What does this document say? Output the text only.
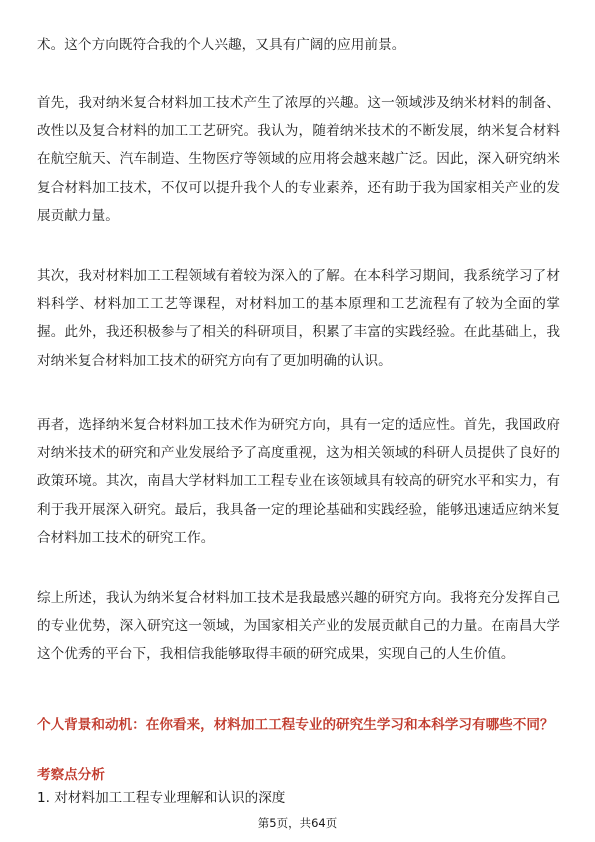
术。这个方向既符合我的个人兴趣，又具有广阔的应用前景。

首先，我对纳米复合材料加工技术产生了浓厚的兴趣。这一领域涉及纳米材料的制备、改性以及复合材料的加工工艺研究。我认为，随着纳米技术的不断发展，纳米复合材料在航空航天、汽车制造、生物医疗等领域的应用将会越来越广泛。因此，深入研究纳米复合材料加工技术，不仅可以提升我个人的专业素养，还有助于我为国家相关产业的发展贡献力量。

其次，我对材料加工工程领域有着较为深入的了解。在本科学习期间，我系统学习了材料科学、材料加工工艺等课程，对材料加工的基本原理和工艺流程有了较为全面的掌握。此外，我还积极参与了相关的科研项目，积累了丰富的实践经验。在此基础上，我对纳米复合材料加工技术的研究方向有了更加明确的认识。

再者，选择纳米复合材料加工技术作为研究方向，具有一定的适应性。首先，我国政府对纳米技术的研究和产业发展给予了高度重视，这为相关领域的科研人员提供了良好的政策环境。其次，南昌大学材料加工工程专业在该领域具有较高的研究水平和实力，有利于我开展深入研究。最后，我具备一定的理论基础和实践经验，能够迅速适应纳米复合材料加工技术的研究工作。

综上所述，我认为纳米复合材料加工技术是我最感兴趣的研究方向。我将充分发挥自己的专业优势，深入研究这一领域，为国家相关产业的发展贡献自己的力量。在南昌大学这个优秀的平台下，我相信我能够取得丰硕的研究成果，实现自己的人生价值。

个人背景和动机：在你看来，材料加工工程专业的研究生学习和本科学习有哪些不同？

考察点分析

1. 对材料加工工程专业理解和认识的深度

第5页，共64页
